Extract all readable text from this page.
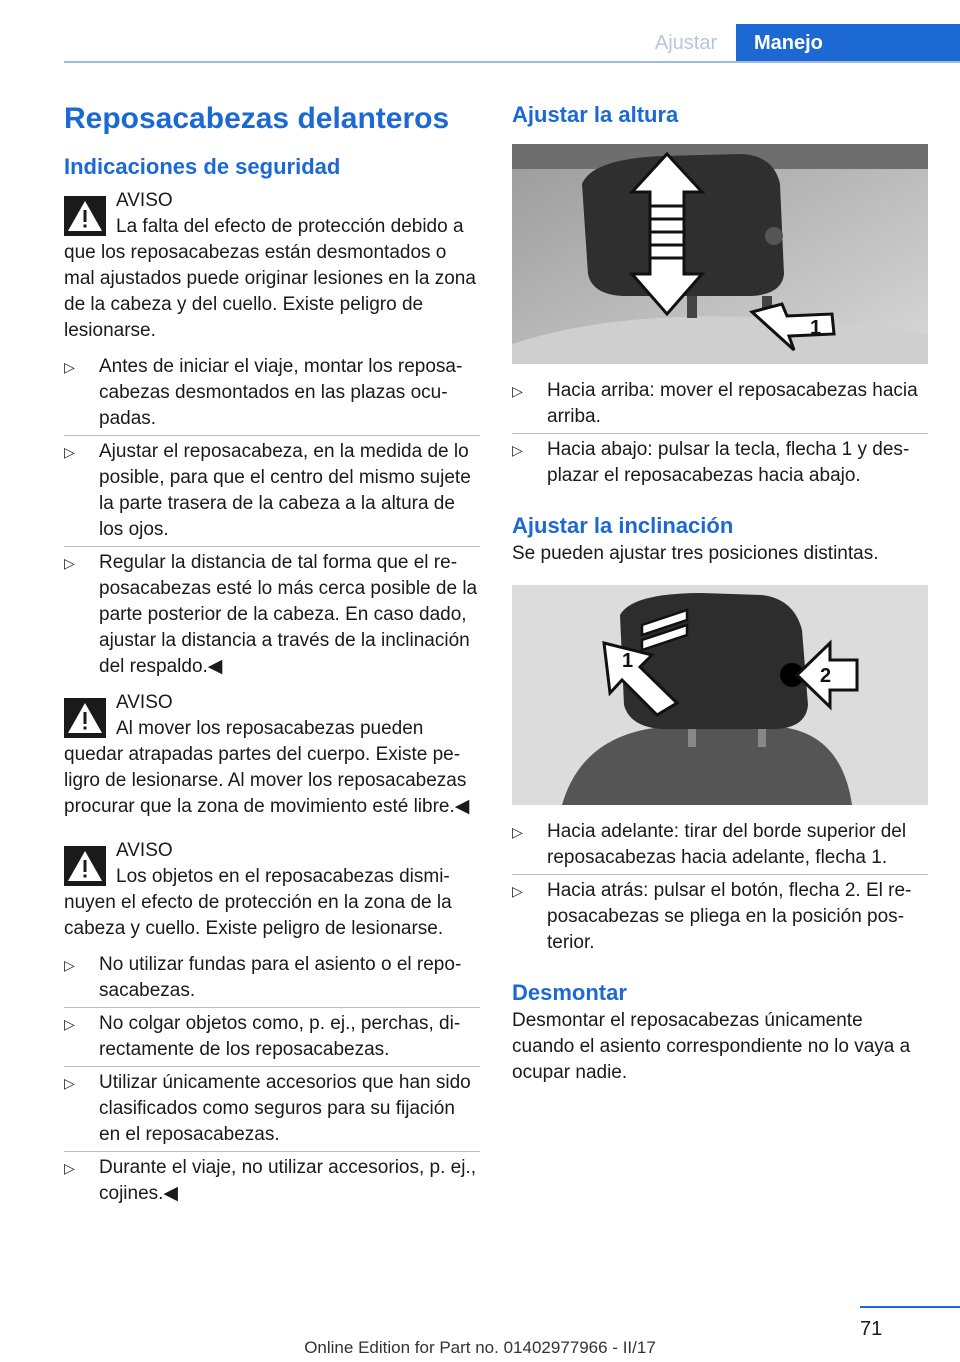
Ajustar	Manejo
Reposacabezas delanteros
Indicaciones de seguridad

AVISO

La falta del efecto de protección debido a que los reposacabezas están desmontados o mal ajustados puede originar lesiones en la zona de la cabeza y del cuello. Existe peligro de lesionarse.

▷ Antes de iniciar el viaje, montar los reposacabezas desmontados en las plazas ocupadas.
▷ Ajustar el reposacabeza, en la medida de lo posible, para que el centro del mismo sujete la parte trasera de la cabeza a la altura de los ojos.
▷ Regular la distancia de tal forma que el reposacabezas esté lo más cerca posible de la parte posterior de la cabeza. En caso dado, ajustar la distancia a través de la inclinación del respaldo.◀

AVISO

Al mover los reposacabezas pueden quedar atrapadas partes del cuerpo. Existe peligro de lesionarse. Al mover los reposacabezas procurar que la zona de movimiento esté libre.◀

AVISO

Los objetos en el reposacabezas disminuyen el efecto de protección en la zona de la cabeza y cuello. Existe peligro de lesionarse.

▷ No utilizar fundas para el asiento o el reposacabezas.
▷ No colgar objetos como, p. ej., perchas, directamente de los reposacabezas.
▷ Utilizar únicamente accesorios que han sido clasificados como seguros para su fijación en el reposacabezas.
▷ Durante el viaje, no utilizar accesorios, p. ej., cojines.◀
Ajustar la altura
1
▷ Hacia arriba: mover el reposacabezas hacia arriba.
▷ Hacia abajo: pulsar la tecla, flecha 1 y desplazar el reposacabezas hacia abajo.
Ajustar la inclinación

Se pueden ajustar tres posiciones distintas.

1
2
▷ Hacia adelante: tirar del borde superior del reposacabezas hacia adelante, flecha 1.
▷ Hacia atrás: pulsar el botón, flecha 2. El reposacabezas se pliega en la posición posterior.
Desmontar

Desmontar el reposacabezas únicamente cuando el asiento correspondiente no lo vaya a ocupar nadie.

71
Online Edition for Part no. 01402977966 - II/17
